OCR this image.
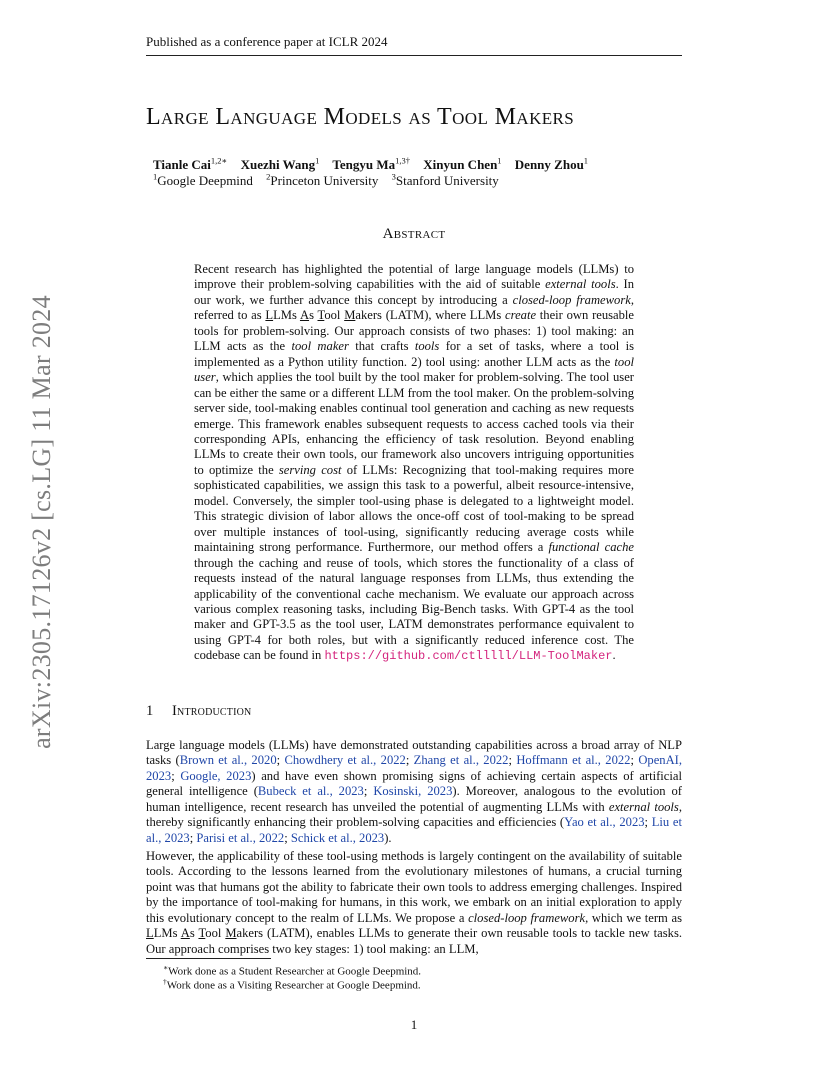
arXiv:2305.17126v2 [cs.LG] 11 Mar 2024
Published as a conference paper at ICLR 2024
Large Language Models as Tool Makers
Tianle Cai$^{1,2∗}$ Xuezhi Wang$^1$ Tengyu $Ma^{1,3\dagger}$ Xinyun Chen$^1$ Denny Zhou$^1$
$^1$Google Deepmind $^2$Princeton University $^3$Stanford University
Abstract
Recent research has highlighted the potential of large language models (LLMs) to improve their problem-solving capabilities with the aid of suitable external tools. In our work, we further advance this concept by introducing a closed-loop framework, referred to as LLMs As Tool Makers (LATM), where LLMs create their own reusable tools for problem-solving. Our approach consists of two phases: 1) tool making: an LLM acts as the tool maker that crafts tools for a set of tasks, where a tool is implemented as a Python utility function. 2) tool using: another LLM acts as the tool user, which applies the tool built by the tool maker for problem-solving. The tool user can be either the same or a different LLM from the tool maker. On the problem-solving server side, tool-making enables continual tool generation and caching as new requests emerge. This framework enables subsequent requests to access cached tools via their corresponding APIs, enhancing the efficiency of task resolution. Beyond enabling LLMs to create their own tools, our framework also uncovers intriguing opportunities to optimize the serving cost of LLMs: Recognizing that tool-making requires more sophisticated capabilities, we assign this task to a powerful, albeit resource-intensive, model. Conversely, the simpler tool-using phase is delegated to a lightweight model. This strategic division of labor allows the once-off cost of tool-making to be spread over multiple instances of tool-using, significantly reducing average costs while maintaining strong performance. Furthermore, our method offers a functional cache through the caching and reuse of tools, which stores the functionality of a class of requests instead of the natural language responses from LLMs, thus extending the applicability of the conventional cache mechanism. We evaluate our approach across various complex reasoning tasks, including Big-Bench tasks. With GPT-4 as the tool maker and GPT-3.5 as the tool user, LATM demonstrates performance equivalent to using GPT-4 for both roles, but with a significantly reduced inference cost. The codebase can be found in https://github.com/ctlllll/LLM-ToolMaker.
1 Introduction
Large language models (LLMs) have demonstrated outstanding capabilities across a broad array of NLP tasks (Brown et al., 2020; Chowdhery et al., 2022; Zhang et al., 2022; Hoffmann et al., 2022; OpenAI, 2023; Google, 2023) and have even shown promising signs of achieving certain aspects of artificial general intelligence (Bubeck et al., 2023; Kosinski, 2023). Moreover, analogous to the evolution of human intelligence, recent research has unveiled the potential of augmenting LLMs with external tools, thereby significantly enhancing their problem-solving capacities and efficiencies (Yao et al., 2023; Liu et al., 2023; Parisi et al., 2022; Schick et al., 2023).
However, the applicability of these tool-using methods is largely contingent on the availability of suitable tools. According to the lessons learned from the evolutionary milestones of humans, a crucial turning point was that humans got the ability to fabricate their own tools to address emerging challenges. Inspired by the importance of tool-making for humans, in this work, we embark on an initial exploration to apply this evolutionary concept to the realm of LLMs. We propose a closed-loop framework, which we term as LLMs As Tool Makers (LATM), enables LLMs to generate their own reusable tools to tackle new tasks. Our approach comprises two key stages: 1) tool making: an LLM,
∗Work done as a Student Researcher at Google Deepmind.
†Work done as a Visiting Researcher at Google Deepmind.
1
